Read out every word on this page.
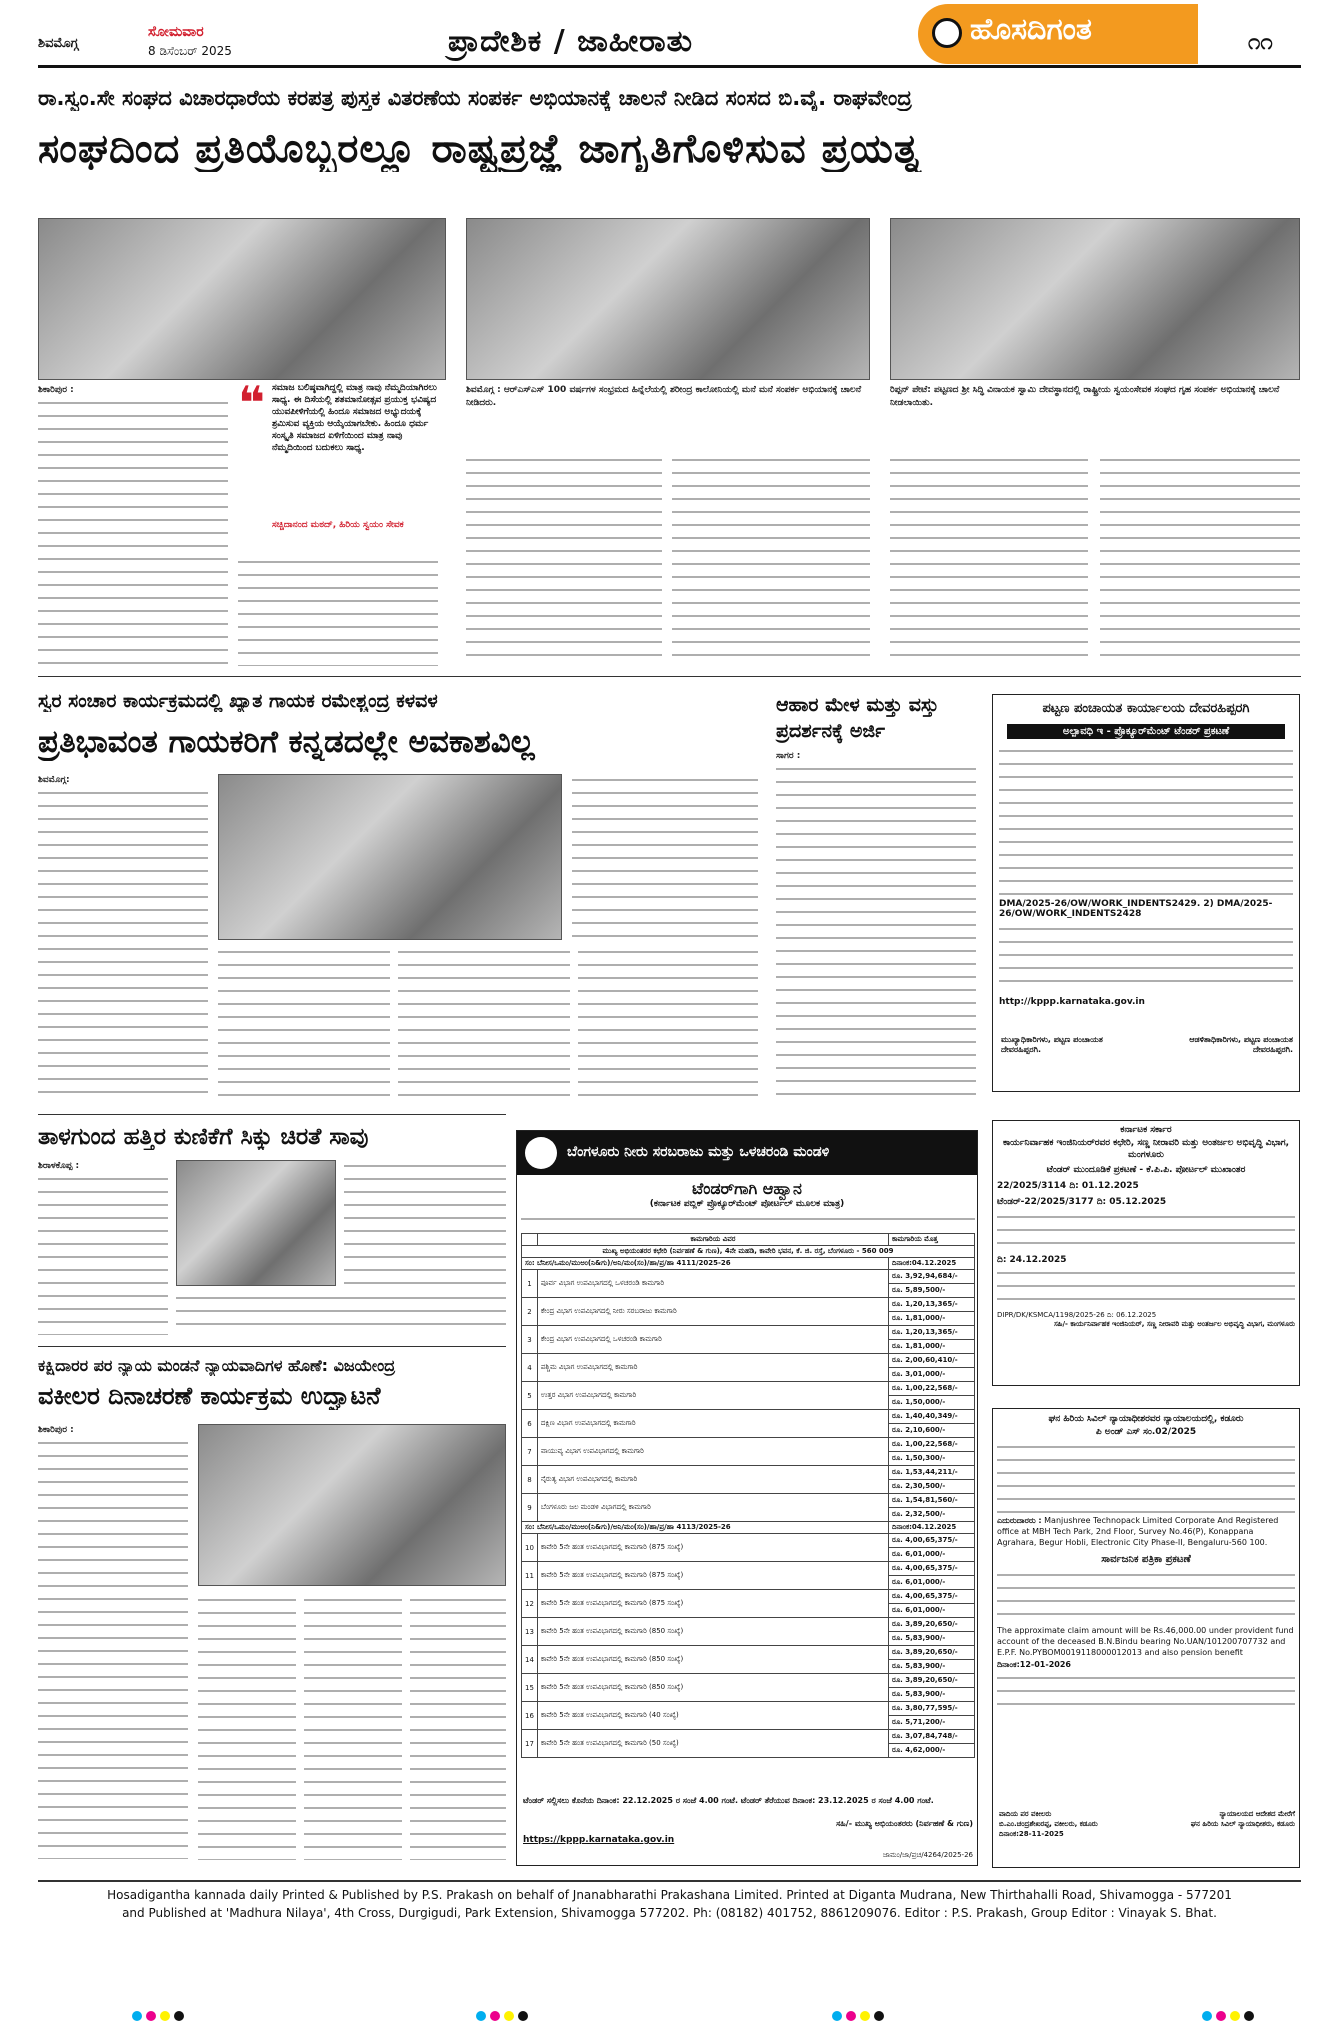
ಶಿವಮೊಗ್ಗ
ಸೋಮವಾರ
8 ಡಿಸೆಂಬರ್ 2025	ಪ್ರಾದೇಶಿಕ / ಜಾಹೀರಾತು	ಹೊಸದಿಗಂತ	೧೧
ರಾ.ಸ್ವಂ.ಸೇ ಸಂಘದ ವಿಚಾರಧಾರೆಯ ಕರಪತ್ರ ಪುಸ್ತಕ ವಿತರಣೆಯ ಸಂಪರ್ಕ ಅಭಿಯಾನಕ್ಕೆ ಚಾಲನೆ ನೀಡಿದ ಸಂಸದ ಬಿ.ವೈ. ರಾಘವೇಂದ್ರ
ಸಂಘದಿಂದ ಪ್ರತಿಯೊಬ್ಬರಲ್ಲೂ ರಾಷ್ಟ್ರಪ್ರಜ್ಞೆ ಜಾಗೃತಿಗೊಳಿಸುವ ಪ್ರಯತ್ನ
ಶಿಕಾರಿಪುರ :	❝ ಸಮಾಜ ಬಲಿಷ್ಠವಾಗಿದ್ದಲ್ಲಿ ಮಾತ್ರ ನಾವು ನೆಮ್ಮದಿಯಾಗಿರಲು ಸಾಧ್ಯ. ಈ ದಿಸೆಯಲ್ಲಿ ಶತಮಾನೋತ್ಸವ ಪ್ರಯುಕ್ತ ಭವಿಷ್ಯದ ಯುವಪೀಳಿಗೆಯಲ್ಲಿ ಹಿಂದೂ ಸಮಾಜದ ಅಭ್ಯುದಯಕ್ಕೆ ಶ್ರಮಿಸುವ ವ್ಯಕ್ತಿಯ ಆಯ್ಕೆಯಾಗಬೇಕು. ಹಿಂದೂ ಧರ್ಮ ಸಂಸ್ಕೃತಿ ಸಮಾಜದ ಏಳಿಗೆಯಿಂದ ಮಾತ್ರ ನಾವು ನೆಮ್ಮದಿಯಿಂದ ಬದುಕಲು ಸಾಧ್ಯ.
ಸಚ್ಚಿದಾನಂದ ಮಠದ್, ಹಿರಿಯ ಸ್ವಯಂ ಸೇವಕ
ಶಿವಮೊಗ್ಗ : ಆರ್‌ಎಸ್‌ಎಸ್ 100 ವರ್ಷಗಳ ಸಂಭ್ರಮದ ಹಿನ್ನೆಲೆಯಲ್ಲಿ ಶರೀಂದ್ರ ಕಾಲೋನಿಯಲ್ಲಿ ಮನೆ ಮನೆ ಸಂಪರ್ಕ ಅಭಿಯಾನಕ್ಕೆ ಚಾಲನೆ ನೀಡಿದರು.
ರಿಪ್ಪನ್ ಪೇಟೆ: ಪಟ್ಟಣದ ಶ್ರೀ ಸಿದ್ಧಿ ವಿನಾಯಕ ಸ್ವಾಮಿ ದೇವಸ್ಥಾನದಲ್ಲಿ ರಾಷ್ಟ್ರೀಯ ಸ್ವಯಂಸೇವಕ ಸಂಘದ ಗೃಹ ಸಂಪರ್ಕ ಅಭಿಯಾನಕ್ಕೆ ಚಾಲನೆ ನೀಡಲಾಯಿತು.
ಸ್ವರ ಸಂಚಾರ ಕಾರ್ಯಕ್ರಮದಲ್ಲಿ ಖ್ಯಾತ ಗಾಯಕ ರಮೇಶ್ಚಂದ್ರ ಕಳವಳ
ಪ್ರತಿಭಾವಂತ ಗಾಯಕರಿಗೆ ಕನ್ನಡದಲ್ಲೇ ಅವಕಾಶವಿಲ್ಲ
ಶಿವಮೊಗ್ಗ:
ಆಹಾರ ಮೇಳ ಮತ್ತು ವಸ್ತು ಪ್ರದರ್ಶನಕ್ಕೆ ಅರ್ಜಿ
ಸಾಗರ :
ಪಟ್ಟಣ ಪಂಚಾಯತ ಕಾರ್ಯಾಲಯ ದೇವರಹಿಪ್ಪರಗಿ
ಅಲ್ಪಾವಧಿ ಇ - ಪ್ರೊಕ್ಯೂರ್‌ಮೆಂಟ್ ಟೆಂಡರ್ ಪ್ರಕಟಣೆ
DMA/2025-26/OW/WORK_INDENTS2429. 2) DMA/2025-26/OW/WORK_INDENTS2428
http://kppp.karnataka.gov.in
ಮುಖ್ಯಾಧಿಕಾರಿಗಳು, ಪಟ್ಟಣ ಪಂಚಾಯತ ದೇವರಹಿಪ್ಪರಗಿ.
ಆಡಳಿತಾಧಿಕಾರಿಗಳು, ಪಟ್ಟಣ ಪಂಚಾಯತ ದೇವರಹಿಪ್ಪರಗಿ.
ತಾಳಗುಂದ ಹತ್ತಿರ ಕುಣಿಕೆಗೆ ಸಿಕ್ಕು ಚಿರತೆ ಸಾವು
ಶಿರಾಳಕೊಪ್ಪ :
ಕಕ್ಷಿದಾರರ ಪರ ನ್ಯಾಯ ಮಂಡನೆ ನ್ಯಾಯವಾದಿಗಳ ಹೊಣೆ: ವಿಜಯೇಂದ್ರ
ವಕೀಲರ ದಿನಾಚರಣೆ ಕಾರ್ಯಕ್ರಮ ಉದ್ಘಾಟನೆ
ಶಿಕಾರಿಪುರ :
ಬೆಂಗಳೂರು ನೀರು ಸರಬರಾಜು ಮತ್ತು ಒಳಚರಂಡಿ ಮಂಡಳಿ
ಟೆಂಡರ್‌ಗಾಗಿ ಆಹ್ವಾನ
(ಕರ್ನಾಟಕ ಪಬ್ಲಿಕ್ ಪ್ರೊಕ್ಯೂರ್‌ಮೆಂಟ್ ಪೋರ್ಟಲ್ ಮೂಲಕ ಮಾತ್ರ)
	ಕಾಮಗಾರಿಯ ವಿವರ	ಕಾಮಗಾರಿಯ ಮೊತ್ತ
ಮುಖ್ಯ ಅಭಿಯಂತರರ ಕಛೇರಿ (ನಿರ್ವಹಣೆ & ಗುಣ), 4ನೇ ಮಹಡಿ, ಕಾವೇರಿ ಭವನ, ಕೆ. ಜಿ. ರಸ್ತೆ, ಬೆಂಗಳೂರು - 560 009		
ಸಂ: ಬೆನೀಸ/ಒಮಂ/ಮುಅಂ(ನಿ&ಗು)/ಅನಿ/ಮಂ(ಸಂ)/ಹಾ/ಪ್ರ/ಹಾ 4111/2025-26		ದಿನಾಂಕ:04.12.2025
1	ಪೂರ್ವ ವಿಭಾಗ ಉಪವಿಭಾಗದಲ್ಲಿ ಒಳಚರಂಡಿ ಕಾಮಗಾರಿ	ರೂ. 3,92,94,684/-
		ರೂ. 5,89,500/-
2	ಕೇಂದ್ರ ವಿಭಾಗ ಉಪವಿಭಾಗದಲ್ಲಿ ನೀರು ಸರಬರಾಜು ಕಾಮಗಾರಿ	ರೂ. 1,20,13,365/-
		ರೂ. 1,81,000/-
3	ಕೇಂದ್ರ ವಿಭಾಗ ಉಪವಿಭಾಗದಲ್ಲಿ ಒಳಚರಂಡಿ ಕಾಮಗಾರಿ	ರೂ. 1,20,13,365/-
		ರೂ. 1,81,000/-
4	ಪಶ್ಚಿಮ ವಿಭಾಗ ಉಪವಿಭಾಗದಲ್ಲಿ ಕಾಮಗಾರಿ	ರೂ. 2,00,60,410/-
		ರೂ. 3,01,000/-
5	ಉತ್ತರ ವಿಭಾಗ ಉಪವಿಭಾಗದಲ್ಲಿ ಕಾಮಗಾರಿ	ರೂ. 1,00,22,568/-
		ರೂ. 1,50,000/-
6	ದಕ್ಷಿಣ ವಿಭಾಗ ಉಪವಿಭಾಗದಲ್ಲಿ ಕಾಮಗಾರಿ	ರೂ. 1,40,40,349/-
		ರೂ. 2,10,600/-
7	ವಾಯುವ್ಯ ವಿಭಾಗ ಉಪವಿಭಾಗದಲ್ಲಿ ಕಾಮಗಾರಿ	ರೂ. 1,00,22,568/-
		ರೂ. 1,50,300/-
8	ನೈರುತ್ಯ ವಿಭಾಗ ಉಪವಿಭಾಗದಲ್ಲಿ ಕಾಮಗಾರಿ	ರೂ. 1,53,44,211/-
		ರೂ. 2,30,500/-
9	ಬೆಂಗಳೂರು ಜಲ ಮಂಡಳಿ ವಿಭಾಗದಲ್ಲಿ ಕಾಮಗಾರಿ	ರೂ. 1,54,81,560/-
		ರೂ. 2,32,500/-
ಸಂ: ಬೆನೀಸ/ಒಮಂ/ಮುಅಂ(ನಿ&ಗು)/ಅನಿ/ಮಂ(ಸಂ)/ಹಾ/ಪ್ರ/ಹಾ 4113/2025-26		ದಿನಾಂಕ:04.12.2025
10	ಕಾವೇರಿ 5ನೇ ಹಂತ ಉಪವಿಭಾಗದಲ್ಲಿ ಕಾಮಗಾರಿ (875 ಸಂಖ್ಯೆ)	ರೂ. 4,00,65,375/-
		ರೂ. 6,01,000/-
11	ಕಾವೇರಿ 5ನೇ ಹಂತ ಉಪವಿಭಾಗದಲ್ಲಿ ಕಾಮಗಾರಿ (875 ಸಂಖ್ಯೆ)	ರೂ. 4,00,65,375/-
		ರೂ. 6,01,000/-
12	ಕಾವೇರಿ 5ನೇ ಹಂತ ಉಪವಿಭಾಗದಲ್ಲಿ ಕಾಮಗಾರಿ (875 ಸಂಖ್ಯೆ)	ರೂ. 4,00,65,375/-
		ರೂ. 6,01,000/-
13	ಕಾವೇರಿ 5ನೇ ಹಂತ ಉಪವಿಭಾಗದಲ್ಲಿ ಕಾಮಗಾರಿ (850 ಸಂಖ್ಯೆ)	ರೂ. 3,89,20,650/-
		ರೂ. 5,83,900/-
14	ಕಾವೇರಿ 5ನೇ ಹಂತ ಉಪವಿಭಾಗದಲ್ಲಿ ಕಾಮಗಾರಿ (850 ಸಂಖ್ಯೆ)	ರೂ. 3,89,20,650/-
		ರೂ. 5,83,900/-
15	ಕಾವೇರಿ 5ನೇ ಹಂತ ಉಪವಿಭಾಗದಲ್ಲಿ ಕಾಮಗಾರಿ (850 ಸಂಖ್ಯೆ)	ರೂ. 3,89,20,650/-
		ರೂ. 5,83,900/-
16	ಕಾವೇರಿ 5ನೇ ಹಂತ ಉಪವಿಭಾಗದಲ್ಲಿ ಕಾಮಗಾರಿ (40 ಸಂಖ್ಯೆ)	ರೂ. 3,80,77,595/-
		ರೂ. 5,71,200/-
17	ಕಾವೇರಿ 5ನೇ ಹಂತ ಉಪವಿಭಾಗದಲ್ಲಿ ಕಾಮಗಾರಿ (50 ಸಂಖ್ಯೆ)	ರೂ. 3,07,84,748/-
		ರೂ. 4,62,000/-
ಟೆಂಡರ್ ಸಲ್ಲಿಸಲು ಕೊನೆಯ ದಿನಾಂಕ: 22.12.2025 ರ ಸಂಜೆ 4.00 ಗಂಟೆ. ಟೆಂಡರ್ ತೆರೆಯುವ ದಿನಾಂಕ: 23.12.2025 ರ ಸಂಜೆ 4.00 ಗಂಟೆ.
ಸಹಿ/- ಮುಖ್ಯ ಅಭಿಯಂತರರು (ನಿರ್ವಹಣೆ & ಗುಣ)
https://kppp.karnataka.gov.in
ಜಾಮಂ/ಜಾ/ಪ್ರಚ/4264/2025-26
ಕರ್ನಾಟಕ ಸರ್ಕಾರ
ಕಾರ್ಯನಿರ್ವಾಹಕ ಇಂಜಿನಿಯರ್‌ರವರ ಕಛೇರಿ, ಸಣ್ಣ ನೀರಾವರಿ ಮತ್ತು ಅಂತರ್ಜಲ ಅಭಿವೃದ್ಧಿ ವಿಭಾಗ, ಮಂಗಳೂರು
ಟೆಂಡರ್ ಮುಂದೂಡಿಕೆ ಪ್ರಕಟಣೆ - ಕೆ.ಪಿ.ಪಿ. ಪೋರ್ಟಲ್ ಮುಖಾಂತರ
22/2025/3114 ದಿ: 01.12.2025
ಟೆಂಡರ್-22/2025/3177 ದಿ: 05.12.2025
ದಿ: 24.12.2025
DIPR/DK/KSMCA/1198/2025-26 ದಿ: 06.12.2025
ಸಹಿ/- ಕಾರ್ಯನಿರ್ವಾಹಕ ಇಂಜಿನಿಯರ್, ಸಣ್ಣ ನೀರಾವರಿ ಮತ್ತು ಅಂತರ್ಜಲ ಅಭಿವೃದ್ಧಿ ವಿಭಾಗ, ಮಂಗಳೂರು
ಘನ ಹಿರಿಯ ಸಿವಿಲ್ ನ್ಯಾಯಾಧೀಶರವರ ನ್ಯಾಯಾಲಯದಲ್ಲಿ, ಕಡೂರು
ಪಿ ಅಂಡ್ ಎಸ್ ಸಂ.02/2025
ಎದುರುದಾರರು : Manjushree Technopack Limited Corporate And Registered office at MBH Tech Park, 2nd Floor, Survey No.46(P), Konappana Agrahara, Begur Hobli, Electronic City Phase-II, Bengaluru-560 100.
ಸಾರ್ವಜನಿಕ ಪತ್ರಿಕಾ ಪ್ರಕಟಣೆ
The approximate claim amount will be Rs.46,000.00 under provident fund account of the deceased B.N.Bindu bearing No.UAN/101200707732 and E.P.F. No.PYBOM0019118000012013 and also pension benefit
ದಿನಾಂಕ:12-01-2026
ವಾದಿಯ ಪರ ವಕೀಲರು
ಬಿ.ಎಂ.ಚಂದ್ರಶೇಖರಪ್ಪ, ವಕೀಲರು, ಕಡೂರು
ದಿನಾಂಕ:28-11-2025
ನ್ಯಾಯಾಲಯದ ಆದೇಶದ ಮೇರೆಗೆ
ಘನ ಹಿರಿಯ ಸಿವಿಲ್ ನ್ಯಾಯಾಧೀಶರು, ಕಡೂರು
Hosadigantha kannada daily Printed & Published by P.S. Prakash on behalf of Jnanabharathi Prakashana Limited. Printed at Diganta Mudrana, New Thirthahalli Road, Shivamogga - 577201
and Published at 'Madhura Nilaya', 4th Cross, Durgigudi, Park Extension, Shivamogga 577202. Ph: (08182) 401752, 8861209076. Editor : P.S. Prakash, Group Editor : Vinayak S. Bhat.
